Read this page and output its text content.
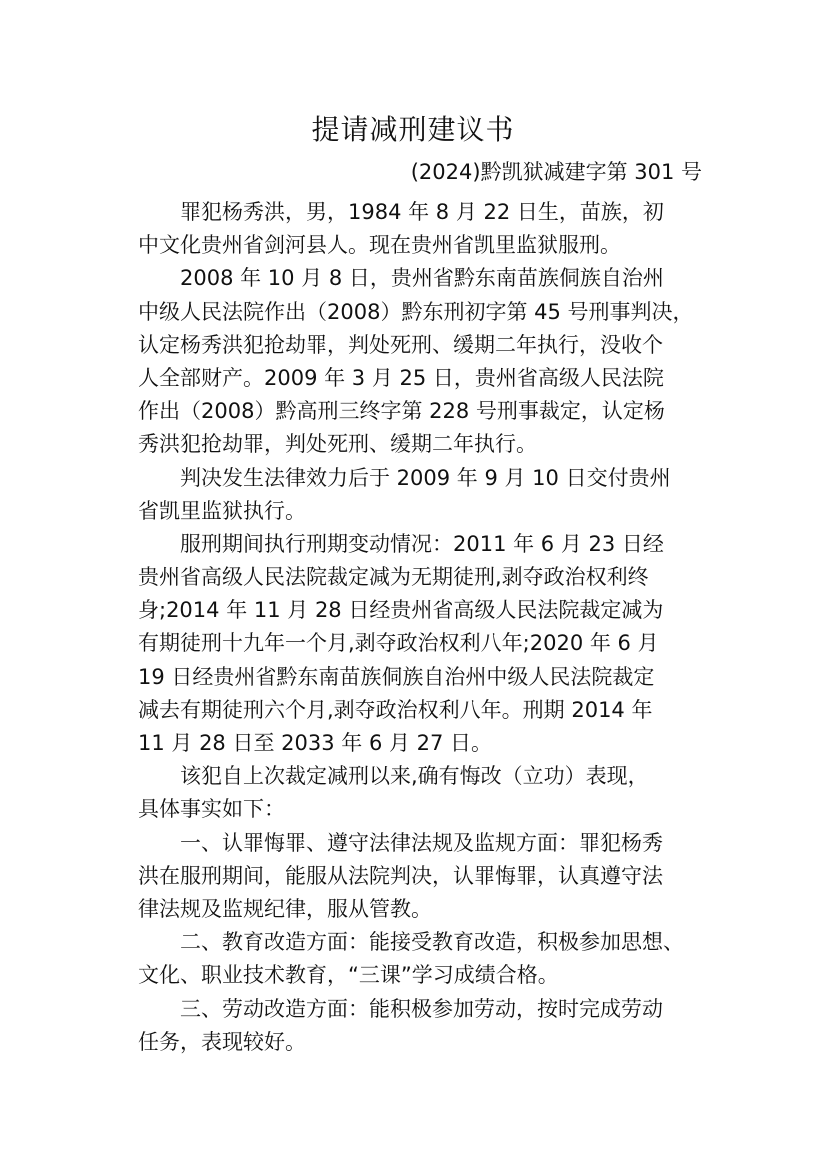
提请减刑建议书
(2024)黔凯狱减建字第 301 号
罪犯杨秀洪，男，1984 年 8 月 22 日生，苗族，初
中文化贵州省剑河县人。现在贵州省凯里监狱服刑。
2008 年 10 月 8 日，贵州省黔东南苗族侗族自治州
中级人民法院作出（2008）黔东刑初字第 45 号刑事判决，
认定杨秀洪犯抢劫罪，判处死刑、缓期二年执行，没收个
人全部财产。2009 年 3 月 25 日，贵州省高级人民法院
作出（2008）黔高刑三终字第 228 号刑事裁定，认定杨
秀洪犯抢劫罪，判处死刑、缓期二年执行。
判决发生法律效力后于 2009 年 9 月 10 日交付贵州
省凯里监狱执行。
服刑期间执行刑期变动情况：2011 年 6 月 23 日经
贵州省高级人民法院裁定减为无期徒刑,剥夺政治权利终
身;2014 年 11 月 28 日经贵州省高级人民法院裁定减为
有期徒刑十九年一个月,剥夺政治权利八年;2020 年 6 月
19 日经贵州省黔东南苗族侗族自治州中级人民法院裁定
减去有期徒刑六个月,剥夺政治权利八年。刑期 2014 年
11 月 28 日至 2033 年 6 月 27 日。
该犯自上次裁定减刑以来,确有悔改（立功）表现，
具体事实如下：
一、认罪悔罪、遵守法律法规及监规方面：罪犯杨秀
洪在服刑期间，能服从法院判决，认罪悔罪，认真遵守法
律法规及监规纪律，服从管教。
二、教育改造方面：能接受教育改造，积极参加思想、
文化、职业技术教育，“三课”学习成绩合格。
三、劳动改造方面：能积极参加劳动，按时完成劳动
任务，表现较好。
